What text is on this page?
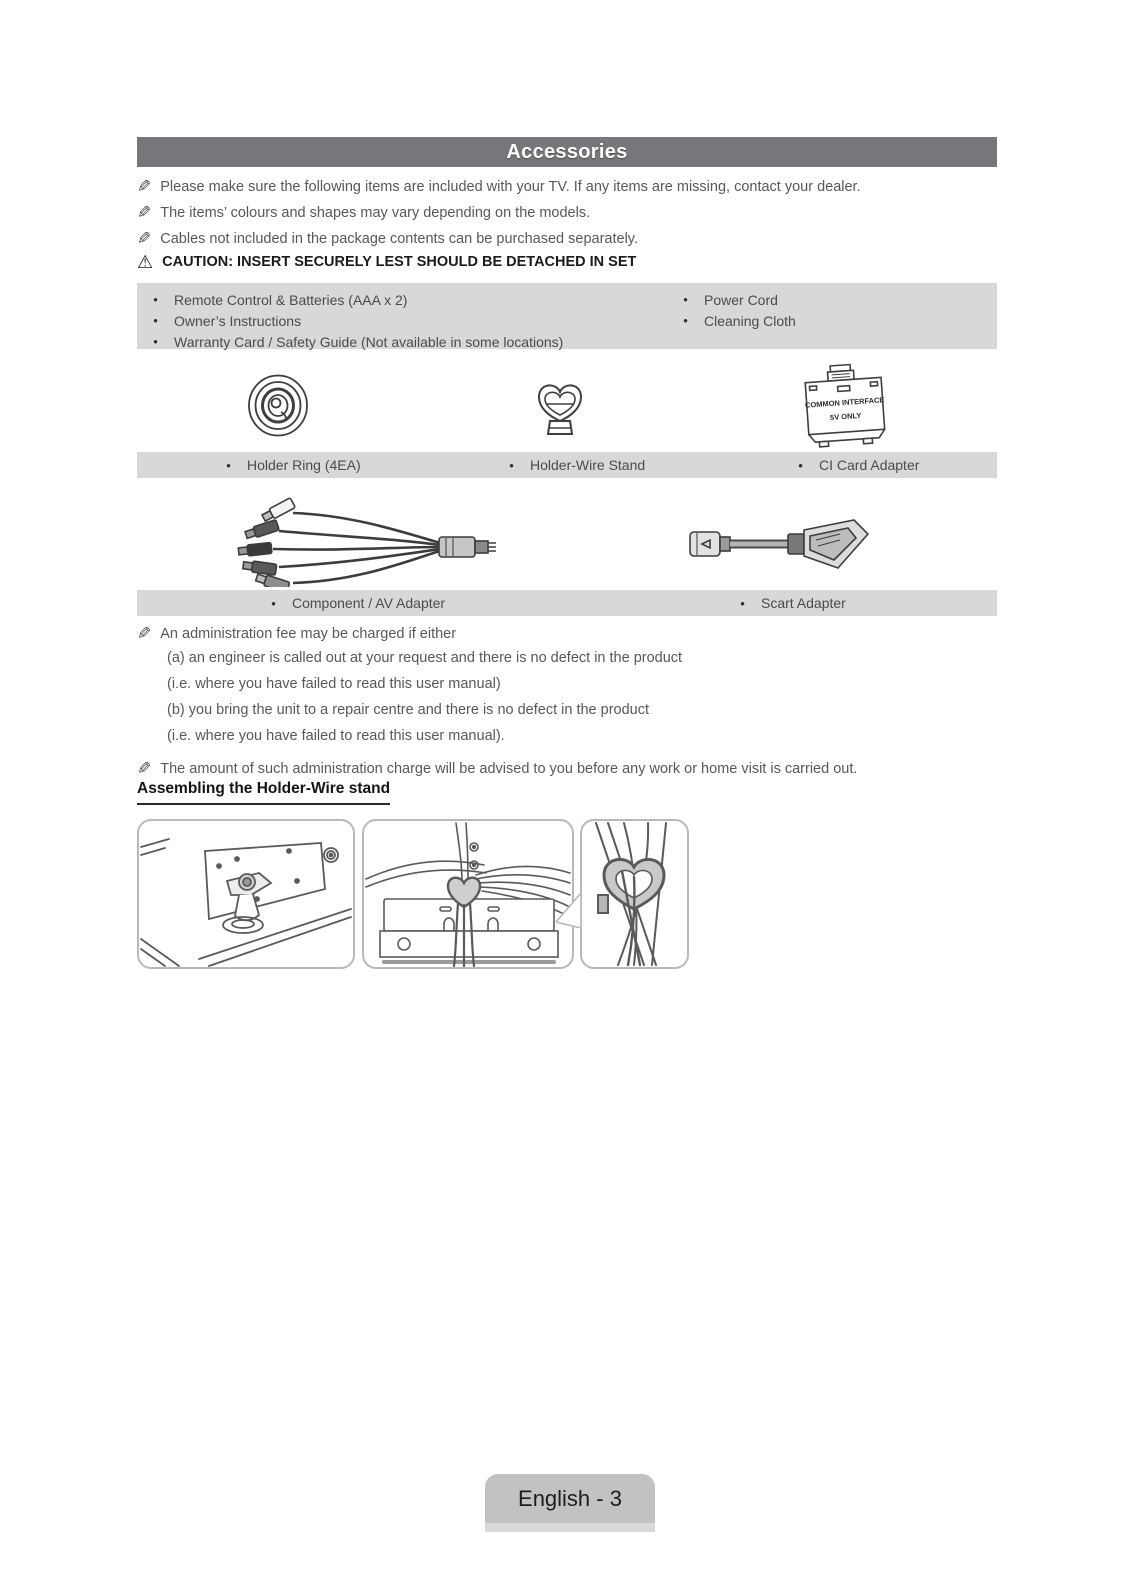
Accessories
✎ Please make sure the following items are included with your TV. If any items are missing, contact your dealer.
✎ The items’ colours and shapes may vary depending on the models.
✎ Cables not included in the package contents can be purchased separately.
⚠ CAUTION: INSERT SECURELY LEST SHOULD BE DETACHED IN SET
• Remote Control & Batteries (AAA x 2)
• Owner’s Instructions
• Warranty Card / Safety Guide (Not available in some locations)
• Power Cord
• Cleaning Cloth
COMMON INTERFACE
5V ONLY
• Holder Ring (4EA)	• Holder-Wire Stand	• CI Card Adapter
• Component / AV Adapter	• Scart Adapter
✎ An administration fee may be charged if either
(a) an engineer is called out at your request and there is no defect in the product
(i.e. where you have failed to read this user manual)
(b) you bring the unit to a repair centre and there is no defect in the product
(i.e. where you have failed to read this user manual).
✎ The amount of such administration charge will be advised to you before any work or home visit is carried out.
Assembling the Holder-Wire stand
English - 3
